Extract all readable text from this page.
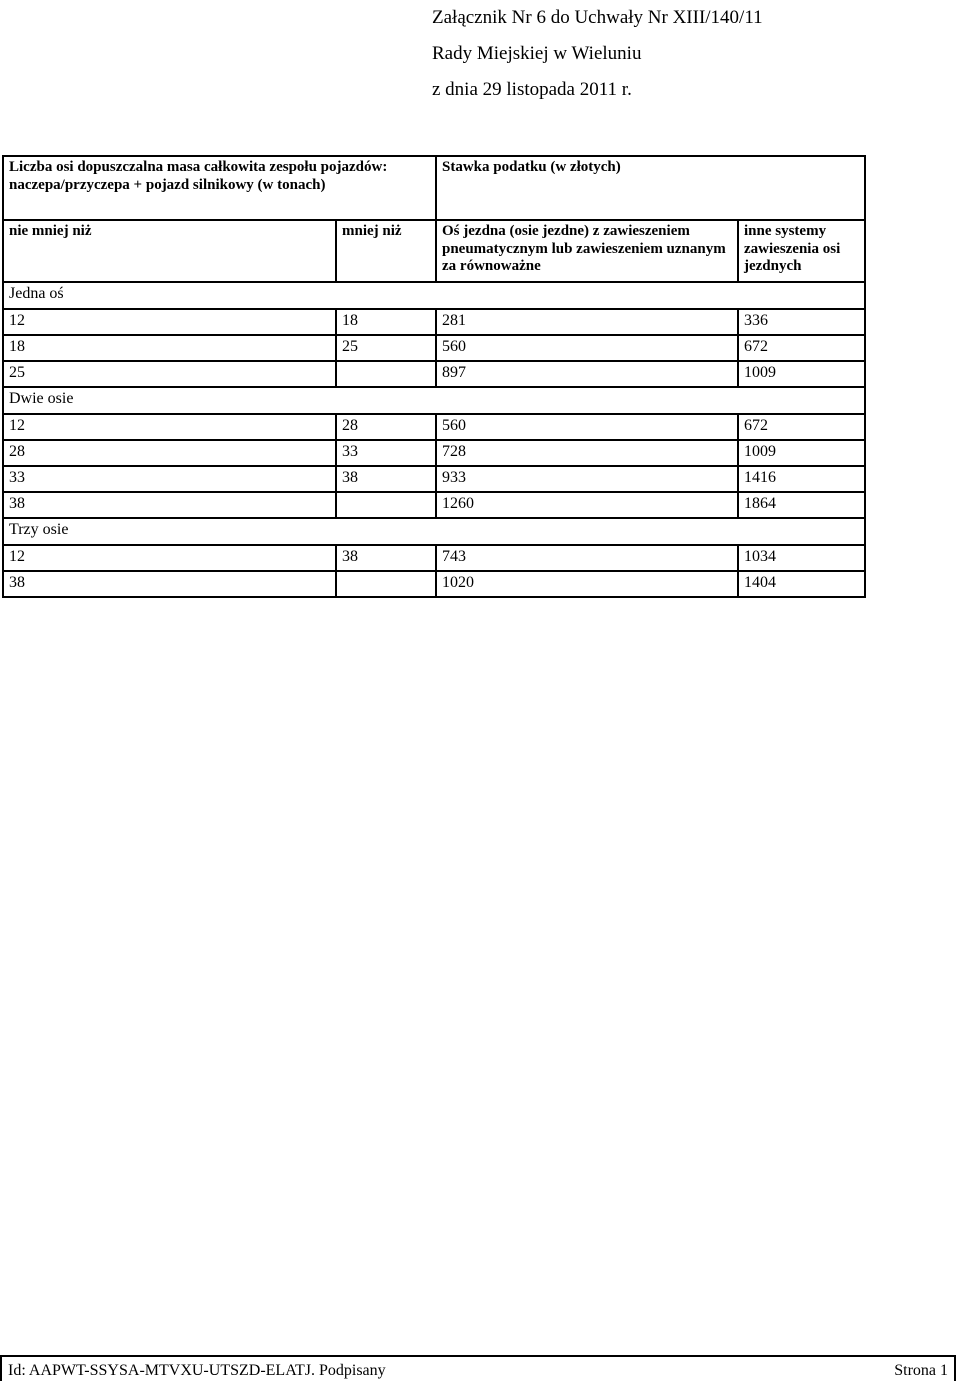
Załącznik Nr 6 do Uchwały Nr XIII/140/11
Rady Miejskiej w Wieluniu
z dnia 29 listopada 2011 r.
Liczba osi dopuszczalna masa całkowita zespołu pojazdów: naczepa/przyczepa + pojazd silnikowy (w tonach)		Stawka podatku (w złotych)	
nie mniej niż	mniej niż	Oś jezdna (osie jezdne) z zawieszeniem pneumatycznym lub zawieszeniem uznanym za równoważne	inne systemy zawieszenia osi jezdnych
Jedna oś			
12	18	281	336
18	25	560	672
25		897	1009
Dwie osie			
12	28	560	672
28	33	728	1009
33	38	933	1416
38		1260	1864
Trzy osie			
12	38	743	1034
38		1020	1404
Id: AAPWT-SSYSA-MTVXU-UTSZD-ELATJ. Podpisany	Strona 1
